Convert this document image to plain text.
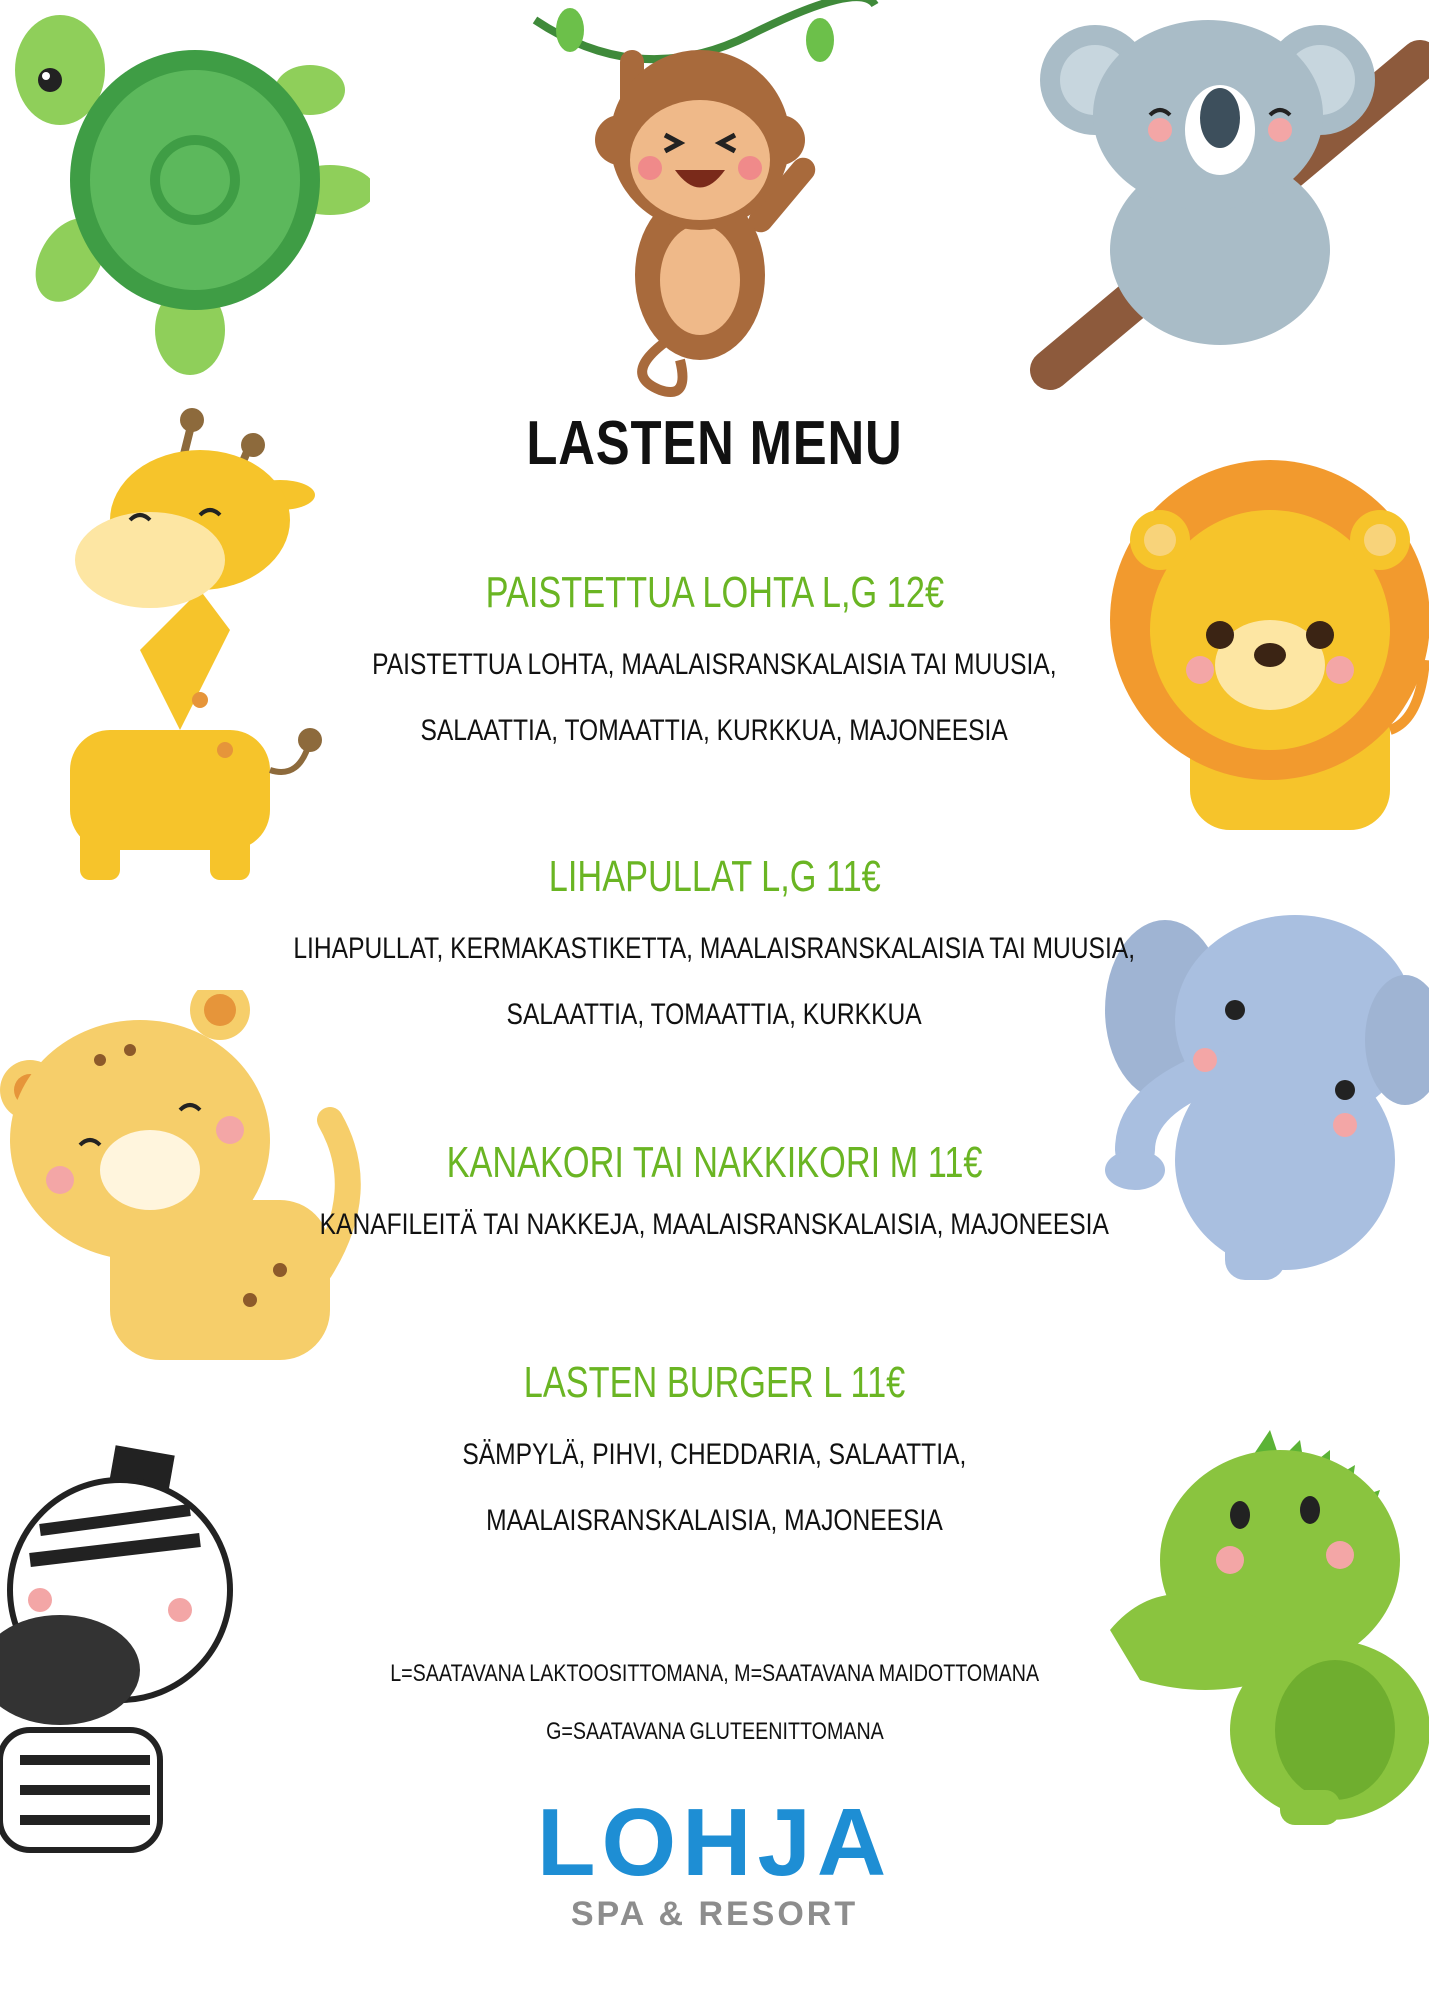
LASTEN MENU
PAISTETTUA LOHTA L,G 12€
PAISTETTUA LOHTA, MAALAISRANSKALAISIA TAI MUUSIA,
SALAATTIA, TOMAATTIA, KURKKUA, MAJONEESIA
LIHAPULLAT L,G 11€
LIHAPULLAT, KERMAKASTIKETTA, MAALAISRANSKALAISIA TAI MUUSIA,
SALAATTIA, TOMAATTIA, KURKKUA
KANAKORI TAI NAKKIKORI M 11€
KANAFILEITÄ TAI NAKKEJA, MAALAISRANSKALAISIA, MAJONEESIA
LASTEN BURGER L 11€
SÄMPYLÄ, PIHVI, CHEDDARIA, SALAATTIA,
MAALAISRANSKALAISIA, MAJONEESIA
L=SAATAVANA LAKTOOSITTOMANA, M=SAATAVANA MAIDOTTOMANA
G=SAATAVANA GLUTEENITTOMANA
LOHJA
SPA & RESORT
